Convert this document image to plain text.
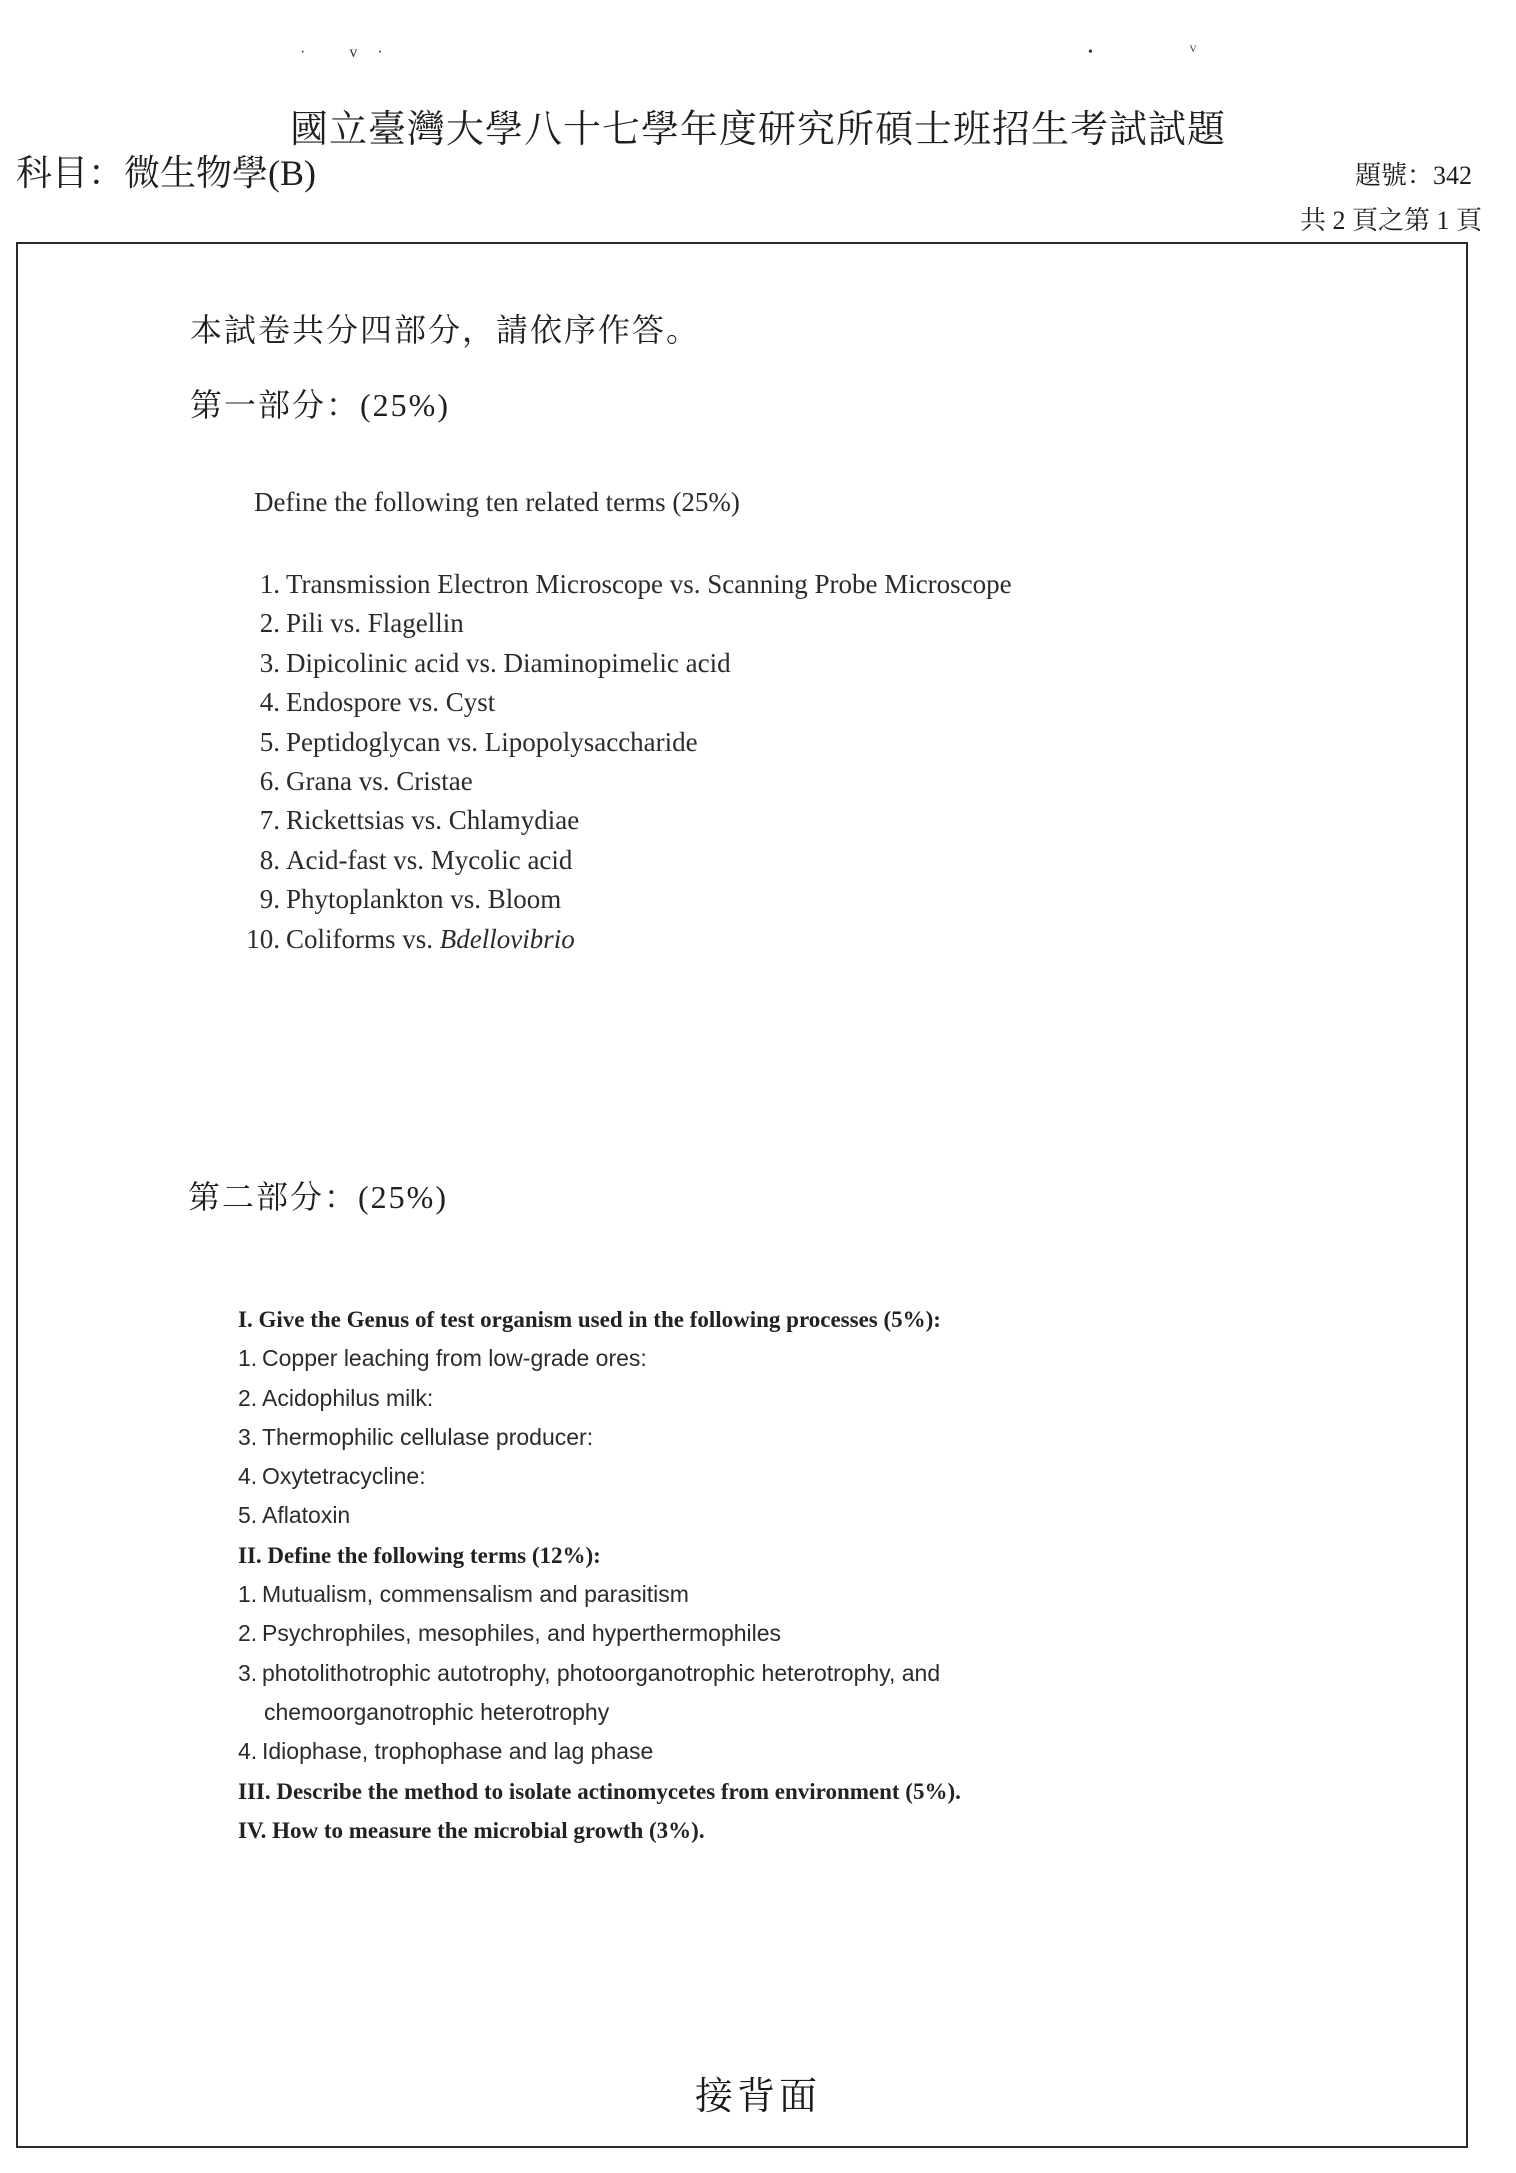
· v·	•  ⱽ
國立臺灣大學八十七學年度研究所碩士班招生考試試題
科目：微生物學(B)	題號：342
共 2 頁之第 1 頁
本試卷共分四部分，請依序作答。
第一部分：(25%)
Define the following ten related terms (25%)
1. Transmission Electron Microscope vs. Scanning Probe Microscope
2. Pili vs. Flagellin
3. Dipicolinic acid vs. Diaminopimelic acid
4. Endospore vs. Cyst
5. Peptidoglycan vs. Lipopolysaccharide
6. Grana vs. Cristae
7. Rickettsias vs. Chlamydiae
8. Acid-fast vs. Mycolic acid
9. Phytoplankton vs. Bloom
10. Coliforms vs. Bdellovibrio
第二部分：(25%)
I. Give the Genus of test organism used in the following processes (5%):
1. Copper leaching from low-grade ores:
2. Acidophilus milk:
3. Thermophilic cellulase producer:
4. Oxytetracycline:
5. Aflatoxin
II. Define the following terms (12%):
1. Mutualism, commensalism and parasitism
2. Psychrophiles, mesophiles, and hyperthermophiles
3. photolithotrophic autotrophy, photoorganotrophic heterotrophy, and
chemoorganotrophic heterotrophy
4. Idiophase, trophophase and lag phase
III. Describe the method to isolate actinomycetes from environment (5%).
IV. How to measure the microbial growth (3%).
接背面
